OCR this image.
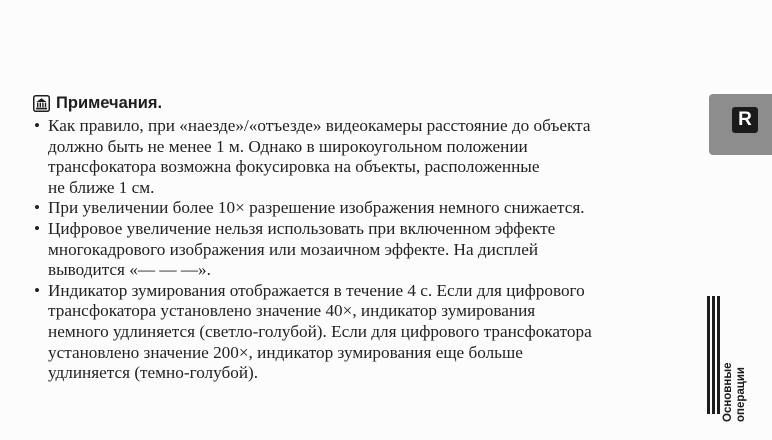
Примечания.
• Как правило, при «наезде»/«отъезде» видеокамеры расстояние до объекта
должно быть не менее 1 м. Однако в широкоугольном положении
трансфокатора возможна фокусировка на объекты, расположенные
не ближе 1 см.
• При увеличении более 10× разрешение изображения немного снижается.
• Цифровое увеличение нельзя использовать при включенном эффекте
многокадрового изображения или мозаичном эффекте. На дисплей
выводится «— — —».
• Индикатор зумирования отображается в течение 4 с. Если для цифрового
трансфокатора установлено значение 40×, индикатор зумирования
немного удлиняется (светло-голубой). Если для цифрового трансфокатора
установлено значение 200×, индикатор зумирования еще больше
удлиняется (темно-голубой).
R
Основные операции
